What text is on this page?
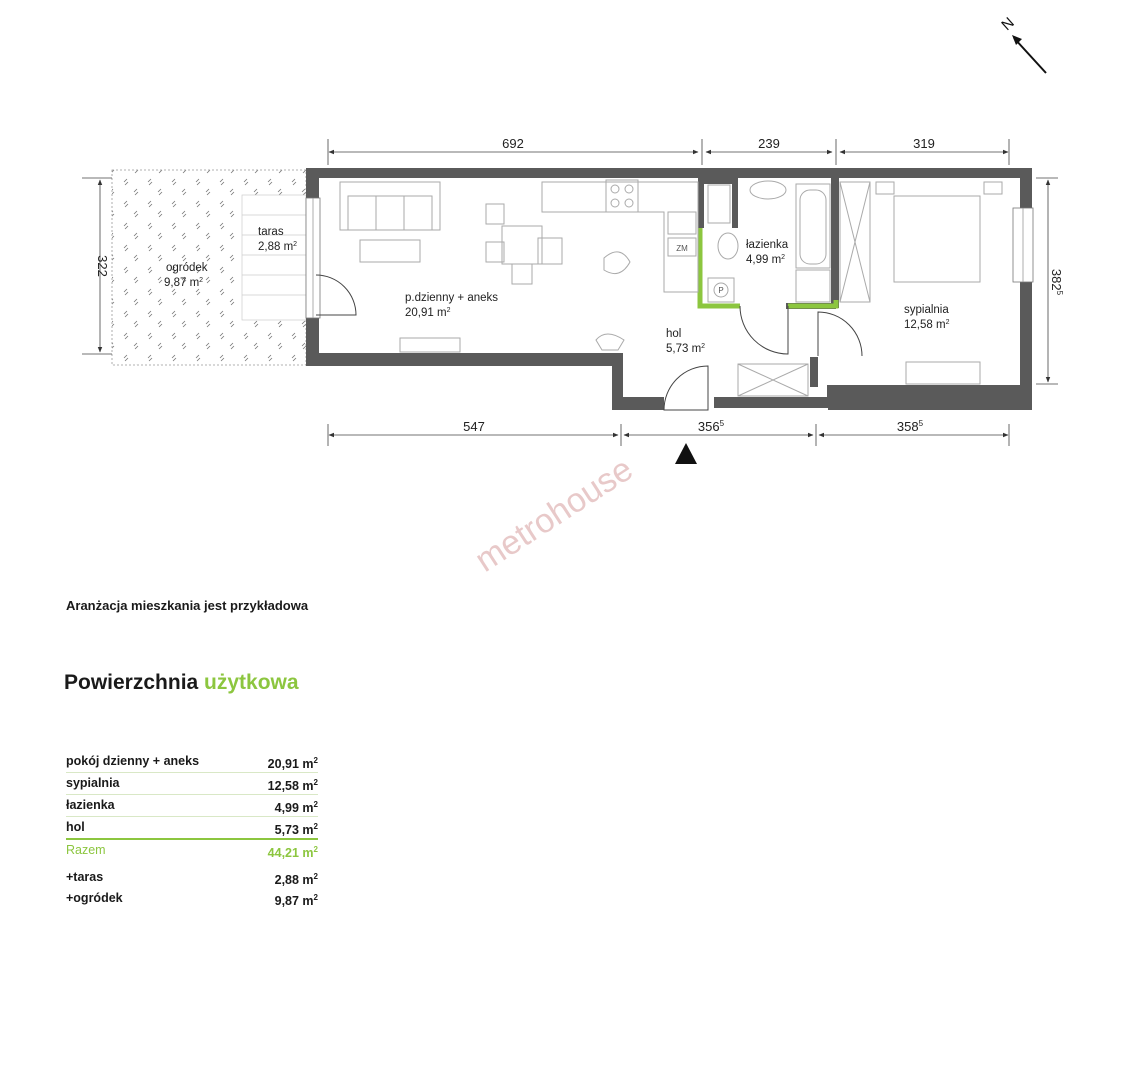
N
692	239	319
547	$356^5$	$358^5$
322
$382^5$
ogródek
9,87 $m^2$
taras
2,88 $m^2$
p.dzienny + aneks
20,91 $m^2$
łazienka
4,99 $m^2$
hol
5,73 $m^2$
sypialnia
12,58 $m^2$
ZM
P
metrohouse
Aranżacja mieszkania jest przykładowa
Powierzchnia użytkowa
pokój dzienny + aneks	20,91 $m^2$
sypialnia	12,58 $m^2$
łazienka	4,99 $m^2$
hol	5,73 $m^2$
Razem	44,21 $m^2$
+taras	2,88 $m^2$
+ogródek	9,87 $m^2$
